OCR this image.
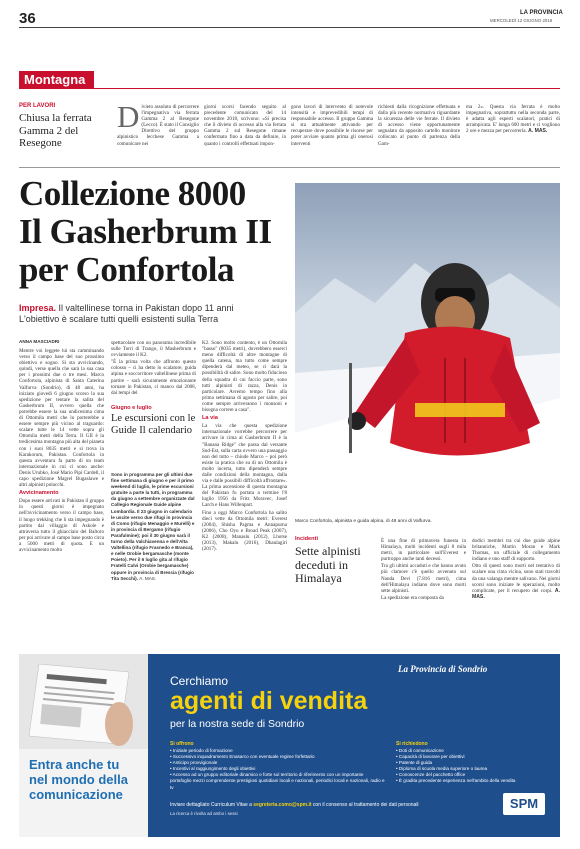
36	LA PROVINCIA
MERCOLEDÌ 12 GIUGNO 2019
Montagna
PER LAVORI
Chiusa la ferrata Gamma 2 del Resegone
D ivieto assoluto di percorrere l'impegnativa via ferrata Gamma 2 al Resegone (Lecco). È stato il Consiglio Direttivo del gruppo alpinistico lecchese Gamma a comunicare nei
giorni scorsi facendo seguito al precedente comunicato del 14 novembre 2018, scrivono: «Si precisa che il divieto di accesso alla via ferrata Gamma 2 sul Resegone rimane confermato fino a data da definire, in quanto i controlli effettuati impon-
gono lavori di intervento di notevole intensità e imprevedibili tempi di responsabile accesso. Il gruppo Gamma si sta attualmente attivando per recuperare dove possibile le risorse per poter avviare quanto prima gli onerosi interventi
richiesti dalla ricognizione effettuata e dalla più recente normativa riguardante la sicurezza delle vie ferrate. Il divieto di accesso viene opportunamente segnalato da apposito cartello monitore collocato al punto di partenza della Gam-
ma 2». Questa via ferrata è molto impegnativa, soprattutto nella seconda parte, è adatta agli esperti scalatori, pratici di arrampicata. E' lunga 600 metri e ci vogliono 2 ore e mezza per percorrerla. A. MAS.
Collezione 8000
Il Gasherbrum II
per Confortola
Impresa. Il valtellinese torna in Pakistan dopo 11 anni
L'obiettivo è scalare tutti quelli esistenti sulla Terra
Marco Confortola, alpinista e guida alpina, di 48 anni di Valfurva.
ANNA MASCIADRI

Mentre voi leggete lui sta camminando verso il campo base del suo prossimo obiettivo e sogno. Si sta avvicinando, quindi, verse quella che sarà la sua casa per i prossimi due o tre mesi. Marco Confortola, alpinista di Santa Caterina Valfurva (Sondrio), di 48 anni, ha iniziato giovedì 6 giugno scorso la sua spedizione per tentare la salita del Gasherbrum II, ovvero quella che potrebbe essere la sua undicesima cima di Ottomila metri che lo porterebbe a essere sempre più vicino al traguardo: scalare tutte le 14 vette sopra gli Ottomila metri della Terra. Il GII è la tredicesima montagna più alta del pianeta con i suoi 8035 metri e si trova in Karakorum, Pakistan. Confortola in questa avventura fa parte di un team internazionale in cui ci sono anche: Denis Urubko, José Mario Pipi Cardell, il capo spedizione Magrel Bugaslawe e altri alpinisti polacchi.

Avvicinamento

Dopo essere arrivati in Pakistan il gruppo in questi giorni è impegnato nell'avvicinamento verso il campo base, il lungo trekking che li sta impegnando è partito dal villaggio di Askole e attraversa tutto il ghiacciaio del Baltoro per poi arrivare al campo base posto circa a 5000 metri di quota. E un avvicinamento molto

spettacolare con un panorama incredibile sulle Torri di Trango, il Masherbrum e ovviamente il K2.

"È la prima volta che affronto questo colosso – ci ha detto lo scalatore, guida alpina e soccorritore valtellinese prima di partire - sarà sicuramente emozionante tornare in Pakistan, ci manco dal 2008, dai tempi del

Giugno e luglio
Le escursioni con le Guide Il calendario
Sono in programma per gli ultimi due fine settimana di giugno e per il primo weekend di luglio, le prime escursioni gratuite a parte la tutti, in programma da giugno a settembre organizzate dal Collegio Regionale Guide alpine Lombardia. Il 23 giugno in calendario le uscite verso due rifugi in provincia di Como (rifugio Menaggio e Murelli) e in provincia di Bergamo (rifugio Parafulmine); poi il 30 giugno sarà il turno della Valchiavenna e dell'Alta Valtellina (rifugio Frasnedo e Branca), e nelle Orobie bergamasche (monte Poieto). Per il 6 luglio gita al rifugio Fratelli Calvi (Orobie bergamasche) oppure in provincia di Brescia (rifugio Tita Secchi). A. MAS.

K2. Sono molto contento, è un Ottomila "basso" (8035 metri), dovrebbero esserci meno difficoltà di altre montagne di quella catena, ma tutto come sempre dipenderà dal meteo, se ci darà la possibilità di salire. Sono molto fiducioso della squadra di cui faccio parte, sono tutti alpinisti di razza, Denis in particolare. Avremo tempo fino alla prima settimana di agosto per salire, poi come sempre arriveranno i monsoni e bisogna correre a casa".

La via

La via che questa spedizione internazionale vorrebbe percorrere per arrivare in cima al Gasherbrum II è la "Banana Ridge" che passa dal versante Sud-Est, sulla carta ovvero una passaggio non del tutto – chiude Marco – poi però esiste la pratica che su di un Ottomila è molto incerta, tutto dipenderà sempre dalle condizioni della montagna, dalla via e dalle possibili difficoltà affrontare». La prima ascensione di questa montagna del Pakistan fu portata a termine l'8 luglio 1956 da Fritz Moravec, Josef Larch e Hans Willenpart.

Fino a oggi Marco Confortola ha salito dieci vette da Ottomila metri: Everest (2004), Shisha Pagma e Annapurna (2006), Cho Oyu e Broad Peak (2007), K2 (2008), Manaslu (2012), Lhotse (2013), Makalu (2016), Dhaulagiri (2017).

Incidenti
Sette alpinisti deceduti in Himalaya

È una fine di primavera funesta in Himalaya, molti incidenti sugli 8 mila metri, in particolare sull'Everest e purtroppo anche tanti decessi.

Tra gli ultimi accaduti e che hanno avuto più clamore c'è quello avvenuto sul Nanda Devi (7.816 metri), cima dell'Himalaya indiano dove sono morti sette alpinisti.

La spedizione era composta da

dodici membri tra cui due guide alpine britanniche, Martin Moran e Mark Thomas, un ufficiale di collegamento indiano e uno staff di supporto.

Otto di questi sono morti nel tentativo di scalare una cima vicina, sono stati travolti da una valanga mentre salivano. Nei giorni scorsi sono iniziate le operazioni, molto complicate, per il recupero dei corpi. A. MAS.

Entra anche tu nel mondo della comunicazione
La Provincia di Sondrio
Cerchiamo
agenti di vendita
per la nostra sede di Sondrio
Si offrono
• Iniziale periodo di formazione
• Successivo inquadramento Enasarco con eventuale regime forfettario
• Anticipo provvigionale
• Incentivi al raggiungimento degli obiettivi
• Accesso ad un gruppo editoriale dinamico e forte sul territorio di riferimento con un importante portafoglio mezzi comprendente prestigiosi quotidiani locali e nazionali, periodici locali e nazionali, radio e tv
Si richiedono
• Doti di comunicazione
• Capacità di lavorare per obiettivi
• Patente di guida
• Diploma di scuola media superiore o laurea
• Conoscenze del pacchetto office
• È gradita precedente esperienza nell'ambito della vendita
Inviare dettagliato Curriculum Vitae a segreteria.como@spm.it con il consenso al trattamento dei dati personali
La ricerca è rivolta ad ambo i sessi
SPM
